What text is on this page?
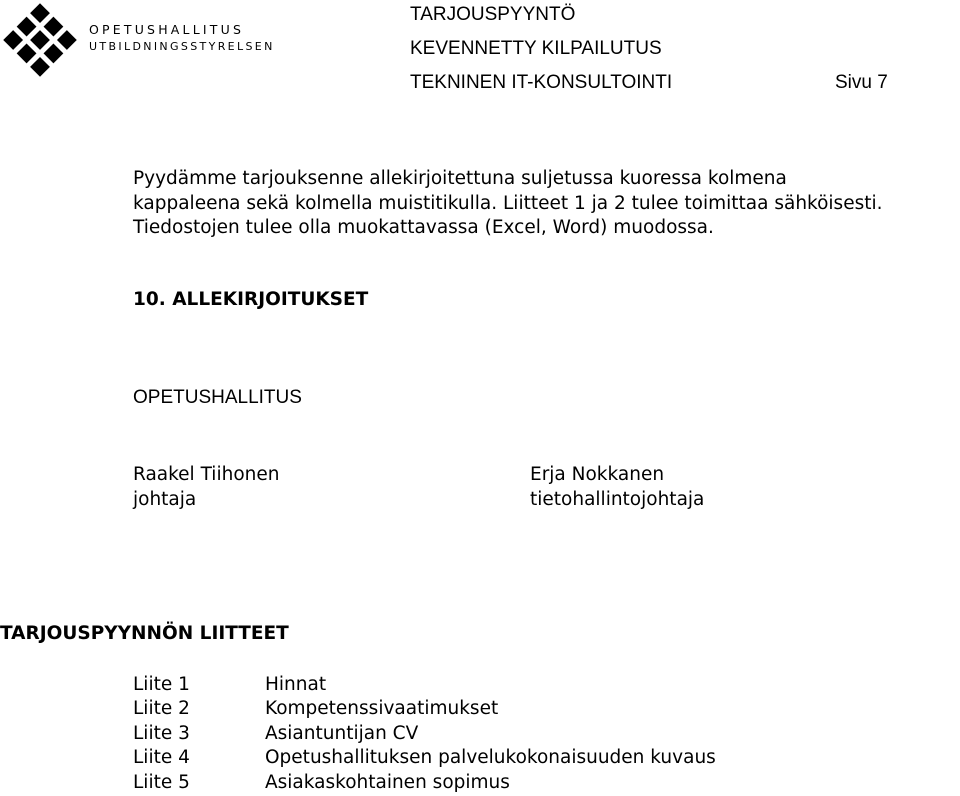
OPETUSHALLITUS
UTBILDNINGSSTYRELSEN
TARJOUSPYYNTÖ
KEVENNETTY KILPAILUTUS
TEKNINEN IT-KONSULTOINTI	Sivu 7
Pyydämme tarjouksenne allekirjoitettuna suljetussa kuoressa kolmena
kappaleena sekä kolmella muistitikulla. Liitteet 1 ja 2 tulee toimittaa sähköisesti.
Tiedostojen tulee olla muokattavassa (Excel, Word) muodossa.
10. ALLEKIRJOITUKSET
OPETUSHALLITUS
Raakel Tiihonen
johtaja
Erja Nokkanen
tietohallintojohtaja
TARJOUSPYYNNÖN LIITTEET
Liite 1	Hinnat
Liite 2	Kompetenssivaatimukset
Liite 3	Asiantuntijan CV
Liite 4	Opetushallituksen palvelukokonaisuuden kuvaus
Liite 5	Asiakaskohtainen sopimus
